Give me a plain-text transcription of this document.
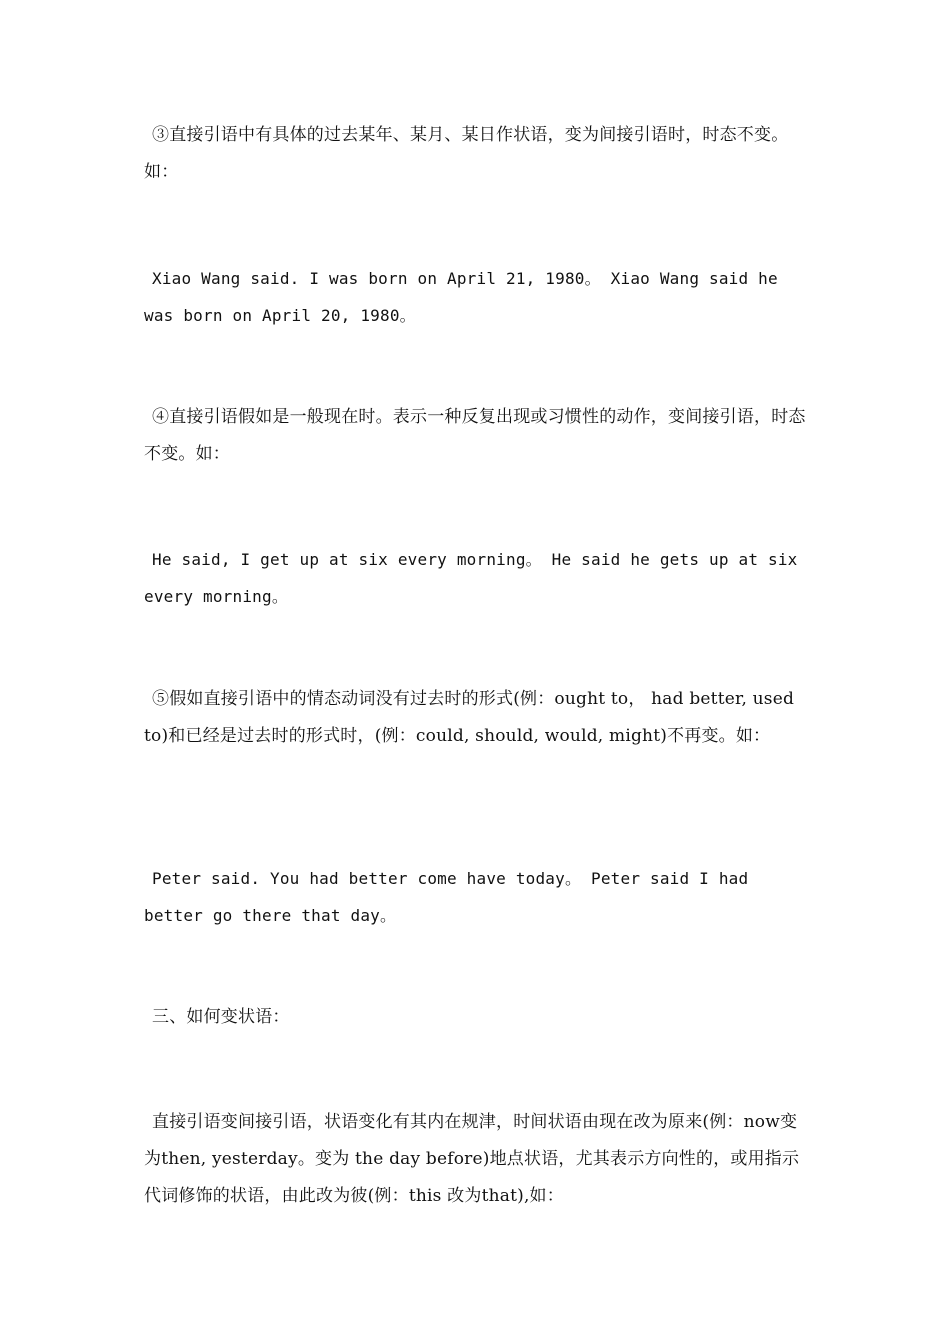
③直接引语中有具体的过去某年、某月、某日作状语，变为间接引语时，时态不变。如：

Xiao Wang said. I was born on April 21, 1980。 Xiao Wang said he was born on April 20, 1980。

④直接引语假如是一般现在时。表示一种反复出现或习惯性的动作，变间接引语，时态不变。如：

He said, I get up at six every morning。 He said he gets up at six every morning。

⑤假如直接引语中的情态动词没有过去时的形式(例：ought to， had better, used to)和已经是过去时的形式时，(例：could, should, would, might)不再变。如：

Peter said. You had better come have today。 Peter said I had better go there that day。

三、如何变状语：

直接引语变间接引语，状语变化有其内在规津，时间状语由现在改为原来(例：now变为then, yesterday。变为 the day before)地点状语，尤其表示方向性的，或用指示代词修饰的状语，由此改为彼(例：this 改为that),如：
